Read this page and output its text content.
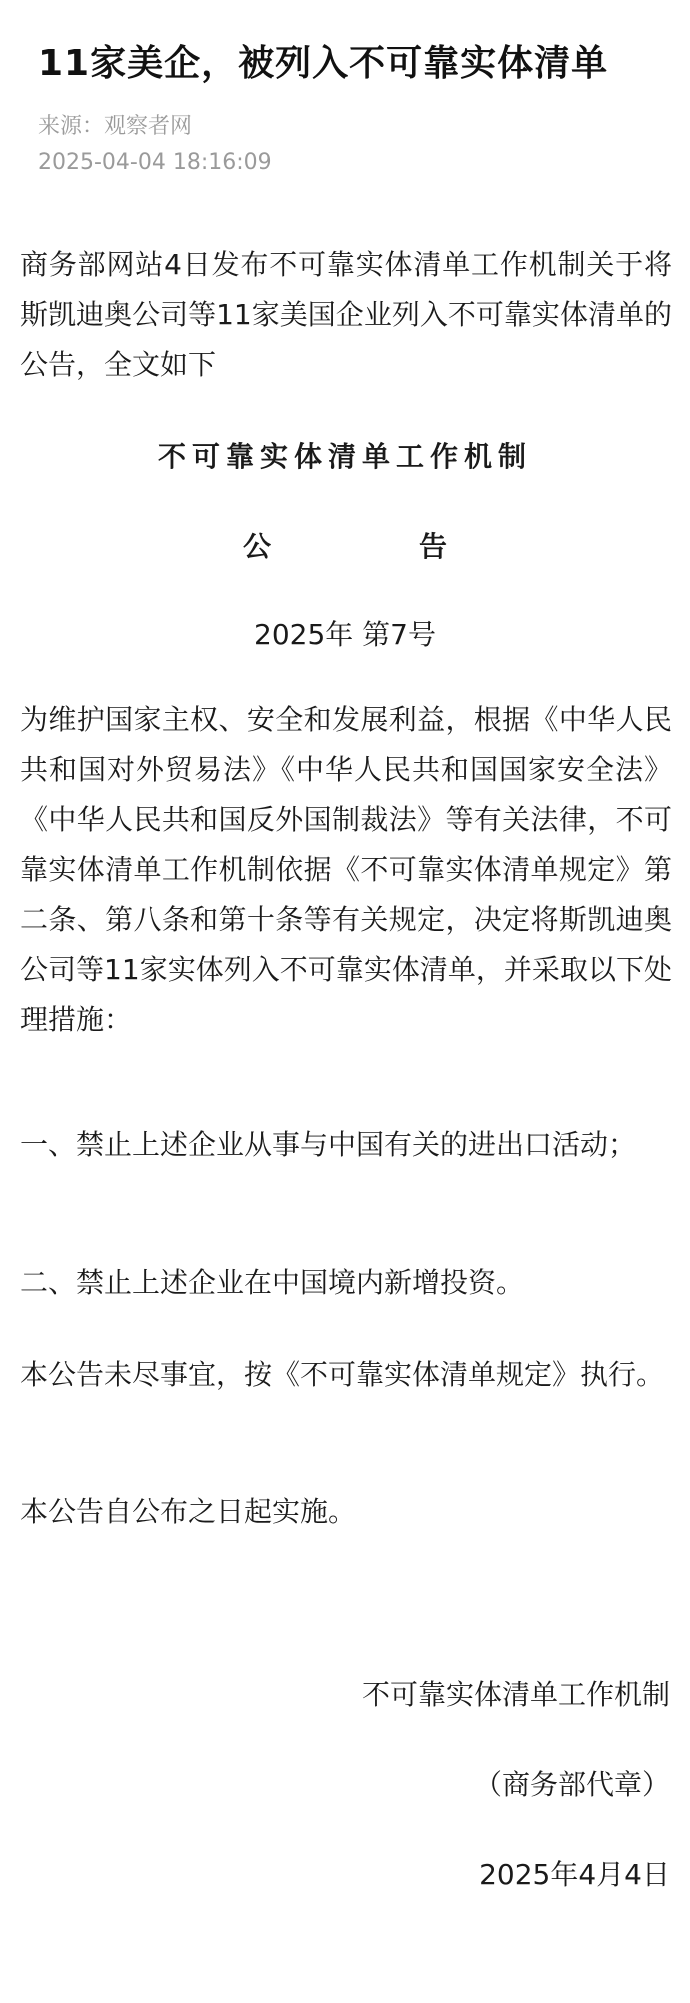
11家美企，被列入不可靠实体清单
来源：观察者网
2025-04-04 18:16:09

商务部网站4日发布不可靠实体清单工作机制关于将斯凯迪奥公司等11家美国企业列入不可靠实体清单的公告，全文如下

不可靠实体清单工作机制
公　告
2025年 第7号

为维护国家主权、安全和发展利益，根据《中华人民共和国对外贸易法》《中华人民共和国国家安全法》《中华人民共和国反外国制裁法》等有关法律，不可靠实体清单工作机制依据《不可靠实体清单规定》第二条、第八条和第十条等有关规定，决定将斯凯迪奥公司等11家实体列入不可靠实体清单，并采取以下处理措施：

一、禁止上述企业从事与中国有关的进出口活动；

二、禁止上述企业在中国境内新增投资。

本公告未尽事宜，按《不可靠实体清单规定》执行。

本公告自公布之日起实施。

不可靠实体清单工作机制
（商务部代章）
2025年4月4日
